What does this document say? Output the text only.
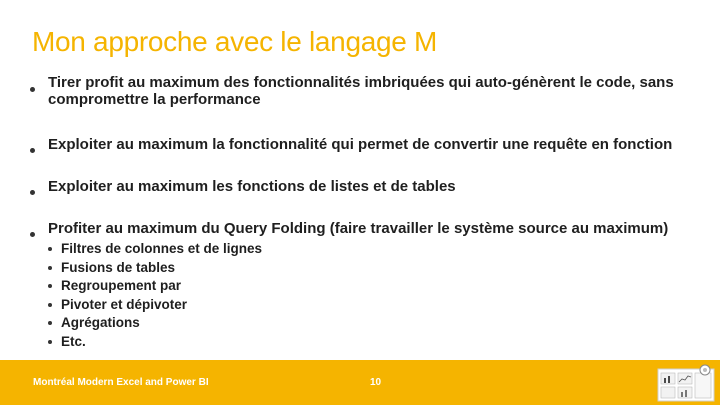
Mon approche avec le langage M
Tirer profit au maximum des fonctionnalités imbriquées qui auto-génèrent le code, sans compromettre la performance
Exploiter au maximum la fonctionnalité qui permet de convertir une requête en fonction
Exploiter au maximum les fonctions de listes et de tables
Profiter au maximum du Query Folding (faire travailler le système source au maximum)
Filtres de colonnes et de lignes
Fusions de tables
Regroupement par
Pivoter et dépivoter
Agrégations
Etc.
Montréal Modern Excel and Power BI	10
